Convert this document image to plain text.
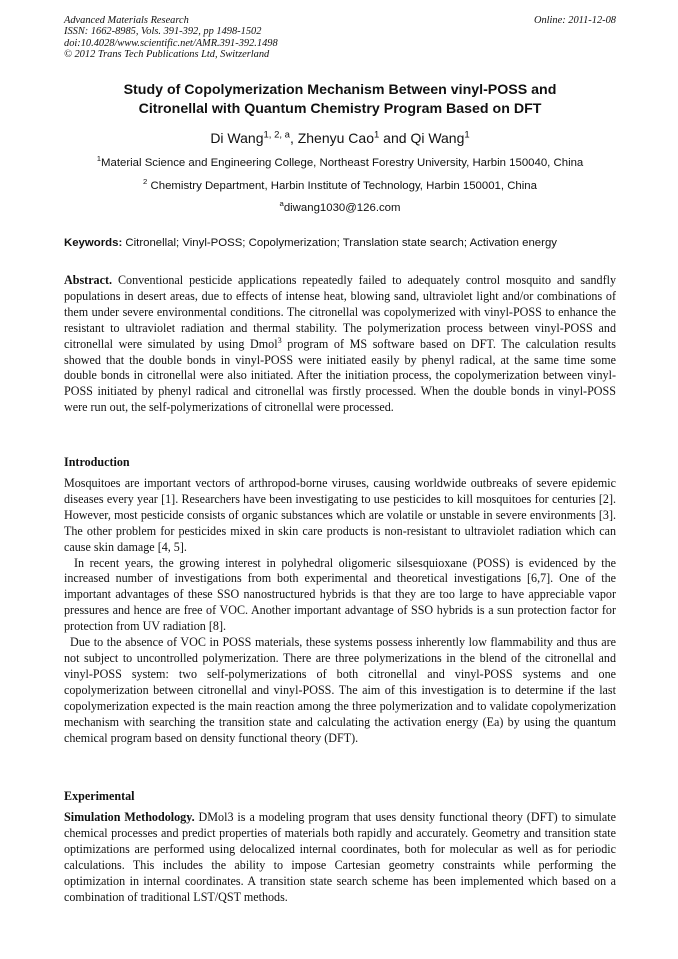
Advanced Materials Research
ISSN: 1662-8985, Vols. 391-392, pp 1498-1502
doi:10.4028/www.scientific.net/AMR.391-392.1498
© 2012 Trans Tech Publications Ltd, Switzerland
Online: 2011-12-08
Study of Copolymerization Mechanism Between vinyl-POSS and
Citronellal with Quantum Chemistry Program Based on DFT
Di Wang$^{1, 2, a}$, Zhenyu Cao$^1$ and Qi Wang$^1$
$^1$Material Science and Engineering College, Northeast Forestry University, Harbin 150040, China
$^2$ Chemistry Department, Harbin Institute of Technology, Harbin 150001, China
$^a$diwang1030@126.com
Keywords: Citronellal; Vinyl-POSS; Copolymerization; Translation state search; Activation energy

Abstract. Conventional pesticide applications repeatedly failed to adequately control mosquito and sandfly populations in desert areas, due to effects of intense heat, blowing sand, ultraviolet light and/or combinations of them under severe environmental conditions. The citronellal was copolymerized with vinyl-POSS to enhance the resistant to ultraviolet radiation and thermal stability. The polymerization process between vinyl-POSS and citronellal were simulated by using Dmol$^3$ program of MS software based on DFT. The calculation results showed that the double bonds in vinyl-POSS were initiated easily by phenyl radical, at the same time some double bonds in citronellal were also initiated. After the initiation process, the copolymerization between vinyl-POSS initiated by phenyl radical and citronellal was firstly processed. When the double bonds in vinyl-POSS were run out, the self-polymerizations of citronellal were processed.

Introduction

Mosquitoes are important vectors of arthropod-borne viruses, causing worldwide outbreaks of severe epidemic diseases every year [1]. Researchers have been investigating to use pesticides to kill mosquitoes for centuries [2]. However, most pesticide consists of organic substances which are volatile or unstable in severe environments [3]. The other problem for pesticides mixed in skin care products is non-resistant to ultraviolet radiation which can cause skin damage [4, 5].

In recent years, the growing interest in polyhedral oligomeric silsesquioxane (POSS) is evidenced by the increased number of investigations from both experimental and theoretical investigations [6,7]. One of the important advantages of these SSO nanostructured hybrids is that they are too large to have appreciable vapor pressures and hence are free of VOC. Another important advantage of SSO hybrids is a sun protection factor for protection from UV radiation [8].

Due to the absence of VOC in POSS materials, these systems possess inherently low flammability and thus are not subject to uncontrolled polymerization. There are three polymerizations in the blend of the citronellal and vinyl-POSS system: two self-polymerizations of both citronellal and vinyl-POSS systems and one copolymerization between citronellal and vinyl-POSS. The aim of this investigation is to determine if the last copolymerization expected is the main reaction among the three polymerization and to validate copolymerization mechanism with searching the transition state and calculating the activation energy (Ea) by using the quantum chemical program based on density functional theory (DFT).

Experimental

Simulation Methodology. DMol3 is a modeling program that uses density functional theory (DFT) to simulate chemical processes and predict properties of materials both rapidly and accurately. Geometry and transition state optimizations are performed using delocalized internal coordinates, both for molecular as well as for periodic calculations. This includes the ability to impose Cartesian geometry constraints while performing the optimization in internal coordinates. A transition state search scheme has been implemented which based on a combination of traditional LST/QST methods.
